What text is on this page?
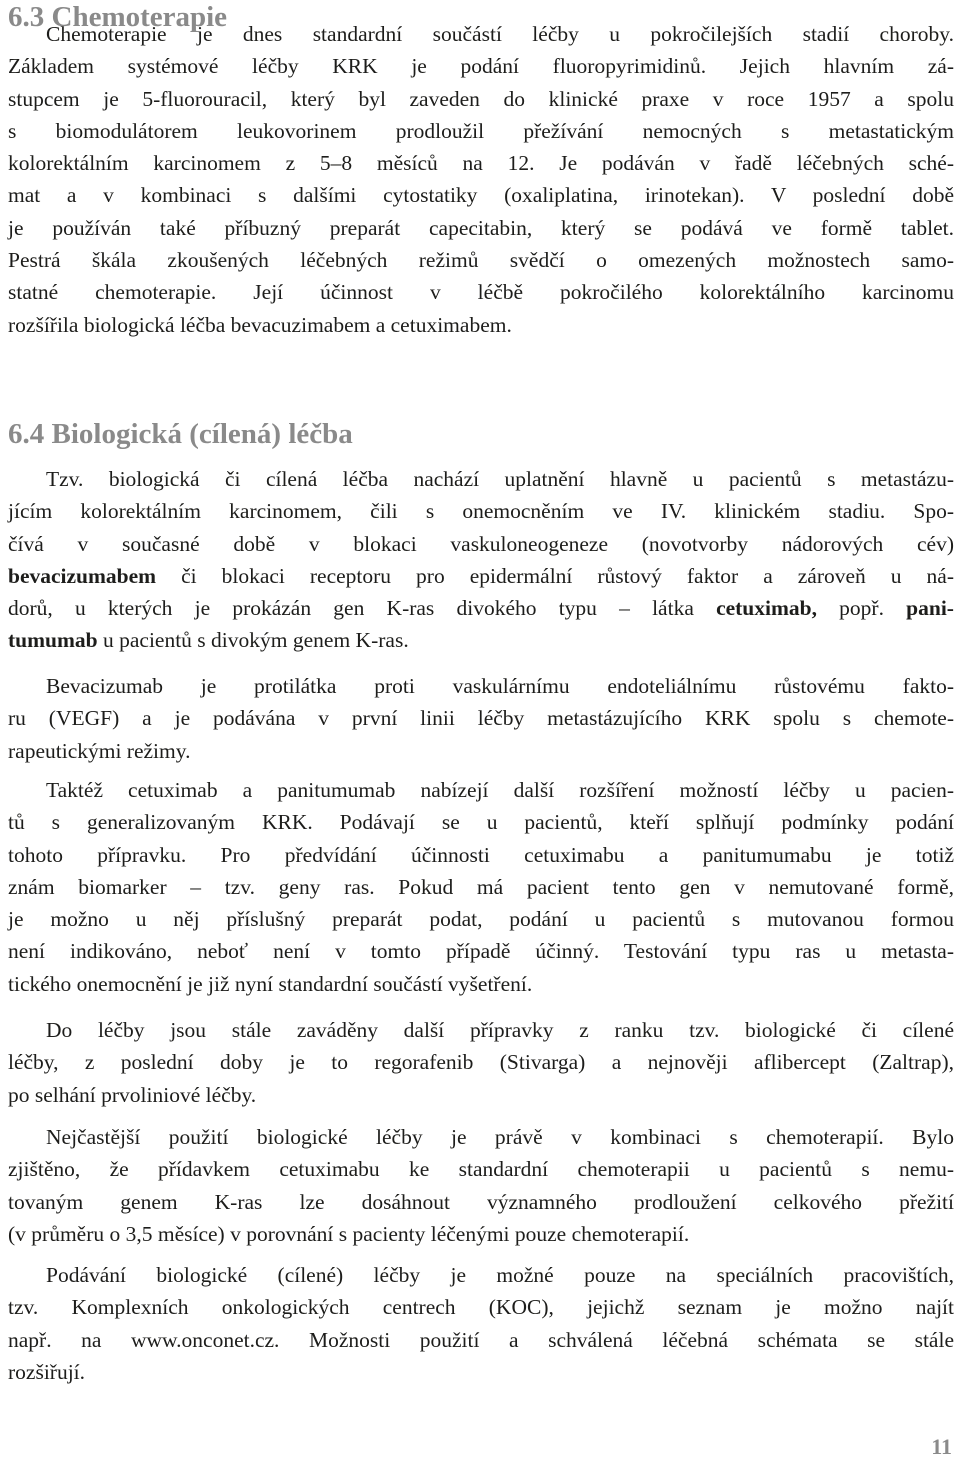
6.3 Chemoterapie
Chemoterapie je dnes standardní součástí léčby u pokročilejších stadií choroby.
Základem systémové léčby KRK je podání fluoropyrimidinů. Jejich hlavním zá-
stupcem je 5-fluorouracil, který byl zaveden do klinické praxe v roce 1957 a spolu
s biomodulátorem leukovorinem prodloužil přežívání nemocných s metastatickým
kolorektálním karcinomem z 5–8 měsíců na 12. Je podáván v řadě léčebných sché-
mat a v kombinaci s dalšími cytostatiky (oxaliplatina, irinotekan). V poslední době
je používán také příbuzný preparát capecitabin, který se podává ve formě tablet.
Pestrá škála zkoušených léčebných režimů svědčí o omezených možnostech samo-
statné chemoterapie. Její účinnost v léčbě pokročilého kolorektálního karcinomu
rozšířila biologická léčba bevacuzimabem a cetuximabem.
6.4 Biologická (cílená) léčba
Tzv. biologická či cílená léčba nachází uplatnění hlavně u pacientů s metastázu-
jícím kolorektálním karcinomem, čili s onemocněním ve IV. klinickém stadiu. Spo-
čívá v současné době v blokaci vaskuloneogeneze (novotvorby nádorových cév)
bevacizumabem či blokaci receptoru pro epidermální růstový faktor a zároveň u ná-
dorů, u kterých je prokázán gen K-ras divokého typu – látka cetuximab, popř. pani-
tumumab u pacientů s divokým genem K-ras.
Bevacizumab je protilátka proti vaskulárnímu endoteliálnímu růstovému fakto-
ru (VEGF) a je podávána v první linii léčby metastázujícího KRK spolu s chemote-
rapeutickými režimy.
Taktéž cetuximab a panitumumab nabízejí další rozšíření možností léčby u pacien-
tů s generalizovaným KRK. Podávají se u pacientů, kteří splňují podmínky podání
tohoto přípravku. Pro předvídání účinnosti cetuximabu a panitumumabu je totiž
znám biomarker – tzv. geny ras. Pokud má pacient tento gen v nemutované formě,
je možno u něj příslušný preparát podat, podání u pacientů s mutovanou formou
není indikováno, neboť není v tomto případě účinný. Testování typu ras u metasta-
tického onemocnění je již nyní standardní součástí vyšetření.
Do léčby jsou stále zaváděny další přípravky z ranku tzv. biologické či cílené
léčby, z poslední doby je to regorafenib (Stivarga) a nejnověji aflibercept (Zaltrap),
po selhání prvoliniové léčby.
Nejčastější použití biologické léčby je právě v kombinaci s chemoterapií. Bylo
zjištěno, že přídavkem cetuximabu ke standardní chemoterapii u pacientů s nemu-
tovaným genem K-ras lze dosáhnout významného prodloužení celkového přežití
(v průměru o 3,5 měsíce) v porovnání s pacienty léčenými pouze chemoterapií.
Podávání biologické (cílené) léčby je možné pouze na speciálních pracovištích,
tzv. Komplexních onkologických centrech (KOC), jejichž seznam je možno najít
např. na www.onconet.cz. Možnosti použití a schválená léčebná schémata se stále
rozšiřují.
11
